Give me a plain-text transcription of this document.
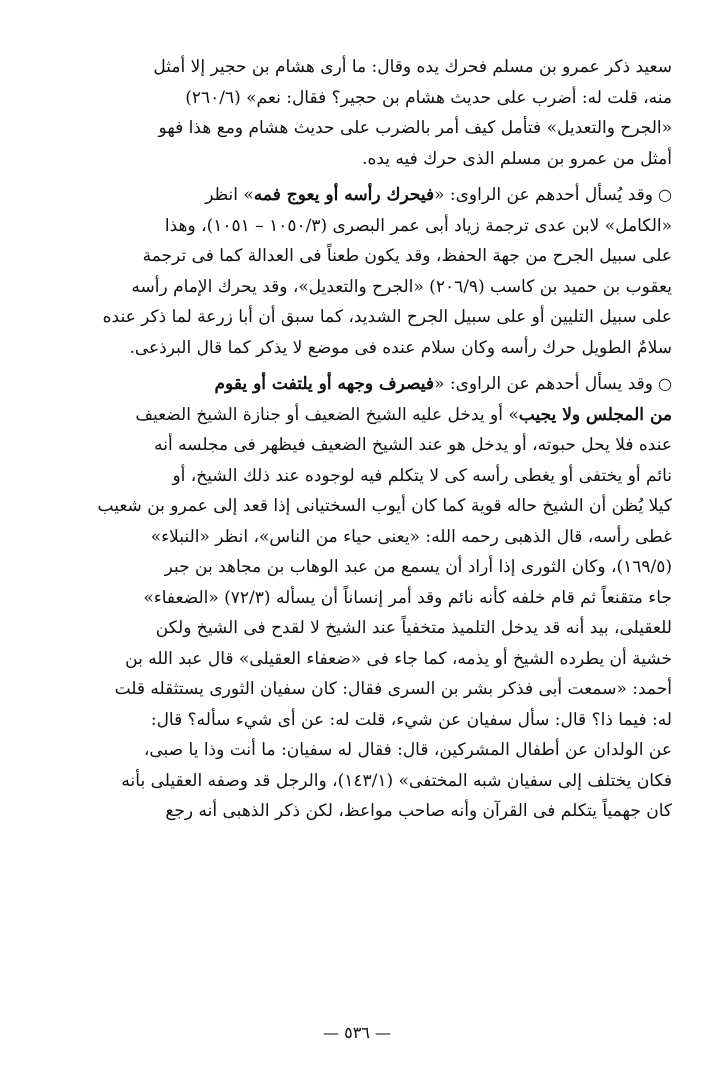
سعيد ذكر عمرو بن مسلم فحرك يده وقال: ما أرى هشام بن حجير إلا أمثل
منه، قلت له: أضرب على حديث هشام بن حجير؟ فقال: نعم» (٢٦٠/٦)
«الجرح والتعديل» فتأمل كيف أمر بالضرب على حديث هشام ومع هذا فهو
أمثل من عمرو بن مسلم الذى حرك فيه يده.
○ وقد يُسأل أحدهم عن الراوى: «فيحرك رأسه أو يعوج فمه» انظر
«الكامل» لابن عدى ترجمة زياد أبى عمر البصرى (١٠٥٠/٣ – ١٠٥١)، وهذا
على سبيل الجرح من جهة الحفظ، وقد يكون طعناً فى العدالة كما فى ترجمة
يعقوب بن حميد بن كاسب (٢٠٦/٩) «الجرح والتعديل»، وقد يحرك الإمام رأسه
على سبيل التليين أو على سبيل الجرح الشديد، كما سبق أن أبا زرعة لما ذكر عنده
سلامٌ الطويل حرك رأسه وكان سلام عنده فى موضع لا يذكر كما قال البرذعى.
○ وقد يسأل أحدهم عن الراوى: «فيصرف وجهه أو يلتفت أو يقوم
من المجلس ولا يجيب» أو يدخل عليه الشيخ الضعيف أو جنازة الشيخ الضعيف
عنده فلا يحل حبوته، أو يدخل هو عند الشيخ الضعيف فيظهر فى مجلسه أنه
نائم أو يختفى أو يغطى رأسه كى لا يتكلم فيه لوجوده عند ذلك الشيخ، أو
كيلا يُظن أن الشيخ حاله قوية كما كان أيوب السختيانى إذا قعد إلى عمرو بن شعيب
غطى رأسه، قال الذهبى رحمه الله: «يعنى حياء من الناس»، انظر «النبلاء»
(١٦٩/٥)، وكان الثورى إذا أراد أن يسمع من عبد الوهاب بن مجاهد بن جبر
جاء متقنعاً ثم قام خلفه كأنه نائم وقد أمر إنساناً أن يسأله (٧٢/٣) «الضعفاء»
للعقيلى، بيد أنه قد يدخل التلميذ متخفياً عند الشيخ لا لقدح فى الشيخ ولكن
خشية أن يطرده الشيخ أو يذمه، كما جاء فى «ضعفاء العقيلى» قال عبد الله بن
أحمد: «سمعت أبى فذكر بشر بن السرى فقال: كان سفيان الثورى يستثقله قلت
له: فيما ذا؟ قال: سأل سفيان عن شيء، قلت له: عن أى شيء سأله؟ قال:
عن الولدان عن أطفال المشركين، قال: فقال له سفيان: ما أنت وذا يا صبى،
فكان يختلف إلى سفيان شبه المختفى» (١٤٣/١)، والرجل قد وصفه العقيلى بأنه
كان جهمياً يتكلم فى القرآن وأنه صاحب مواعظ، لكن ذكر الذهبى أنه رجع
— ٥٣٦ —
